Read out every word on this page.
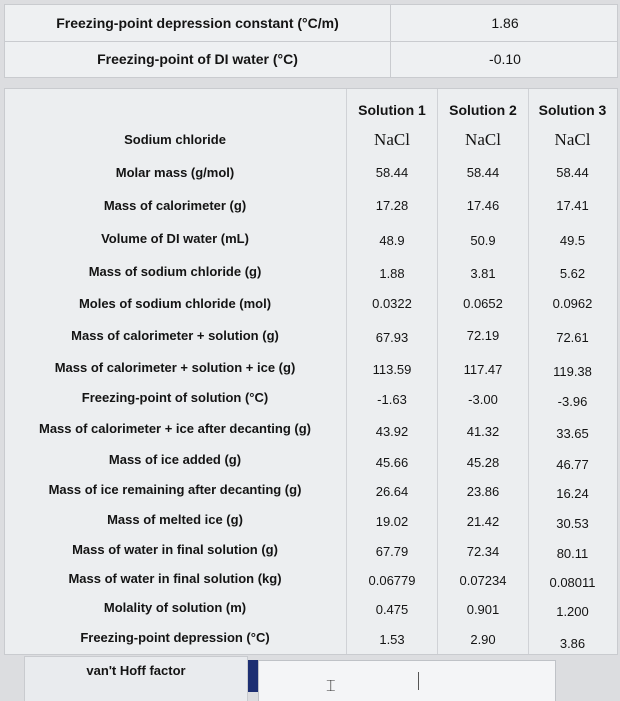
Freezing-point depression constant (°C/m)	1.86
Freezing-point of DI water (°C)	-0.10
Solution 1	Solution 2	Solution 3
Sodium chloride	NaCl	NaCl	NaCl
Molar mass (g/mol)	58.44	58.44	58.44
Mass of calorimeter (g)	17.28	17.46	17.41
Volume of DI water (mL)	48.9	50.9	49.5
Mass of sodium chloride (g)	1.88	3.81	5.62
Moles of sodium chloride (mol)	0.0322	0.0652	0.0962
Mass of calorimeter + solution (g)	67.93	72.19	72.61
Mass of calorimeter + solution + ice (g)	113.59	117.47	119.38
Freezing-point of solution (°C)	-1.63	-3.00	-3.96
Mass of calorimeter + ice after decanting (g)	43.92	41.32	33.65
Mass of ice added (g)	45.66	45.28	46.77
Mass of ice remaining after decanting (g)	26.64	23.86	16.24
Mass of melted ice (g)	19.02	21.42	30.53
Mass of water in final solution (g)	67.79	72.34	80.11
Mass of water in final solution (kg)	0.06779	0.07234	0.08011
Molality of solution (m)	0.475	0.901	1.200
Freezing-point depression (°C)	1.53	2.90	3.86
van't Hoff factor
⌶
